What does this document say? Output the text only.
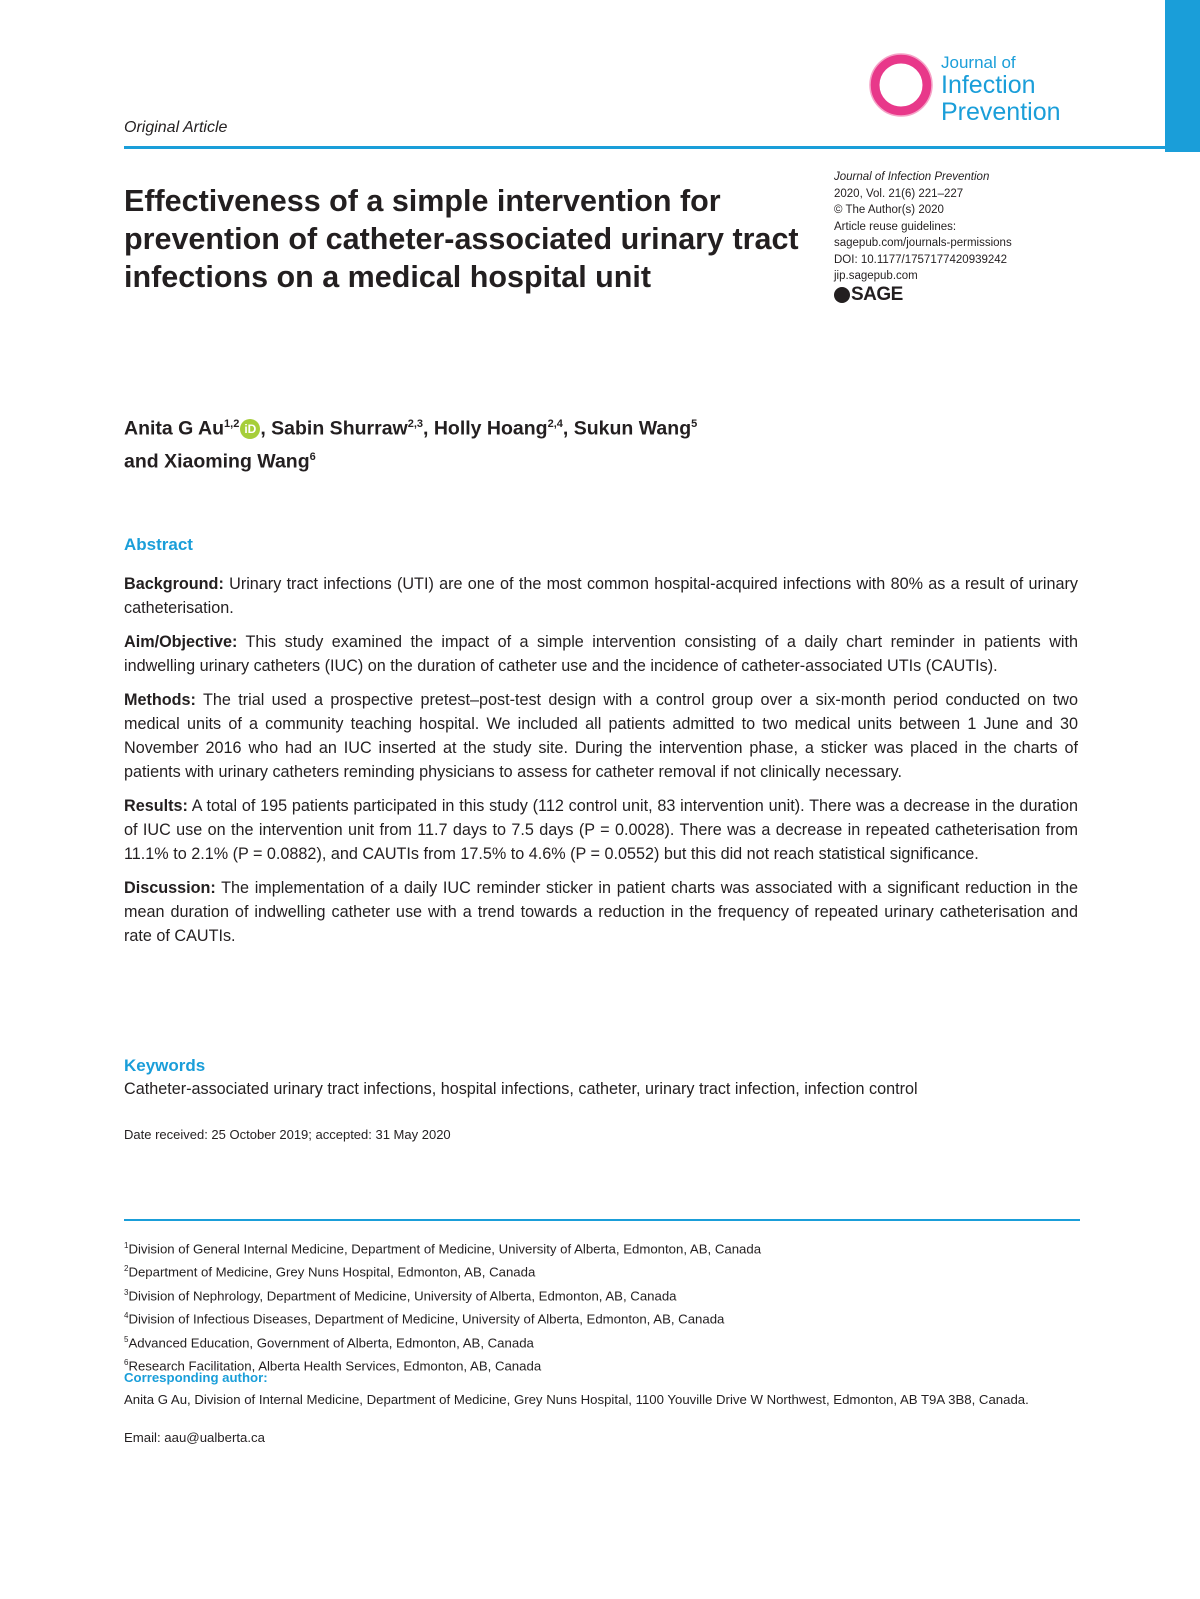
Journal of
Infection
Prevention
Original Article
Effectiveness of a simple intervention for prevention of catheter-associated urinary tract infections on a medical hospital unit
Journal of Infection Prevention
2020, Vol. 21(6) 221–227
© The Author(s) 2020
Article reuse guidelines:
sagepub.com/journals-permissions
DOI: 10.1177/1757177420939242
jip.sagepub.com
SAGE
Anita G Au$^{1,2}$ iD , Sabin Shurraw$^{2,3}$, Holly Hoang$^{2,4}$, Sukun Wang$^5$
and Xiaoming Wang$^6$
Abstract

Background: Urinary tract infections (UTI) are one of the most common hospital-acquired infections with 80% as a result of urinary catheterisation.

Aim/Objective: This study examined the impact of a simple intervention consisting of a daily chart reminder in patients with indwelling urinary catheters (IUC) on the duration of catheter use and the incidence of catheter-associated UTIs (CAUTIs).

Methods: The trial used a prospective pretest–post-test design with a control group over a six-month period conducted on two medical units of a community teaching hospital. We included all patients admitted to two medical units between 1 June and 30 November 2016 who had an IUC inserted at the study site. During the intervention phase, a sticker was placed in the charts of patients with urinary catheters reminding physicians to assess for catheter removal if not clinically necessary.

Results: A total of 195 patients participated in this study (112 control unit, 83 intervention unit). There was a decrease in the duration of IUC use on the intervention unit from 11.7 days to 7.5 days (P = 0.0028). There was a decrease in repeated catheterisation from 11.1% to 2.1% (P = 0.0882), and CAUTIs from 17.5% to 4.6% (P = 0.0552) but this did not reach statistical significance.

Discussion: The implementation of a daily IUC reminder sticker in patient charts was associated with a significant reduction in the mean duration of indwelling catheter use with a trend towards a reduction in the frequency of repeated urinary catheterisation and rate of CAUTIs.

Keywords
Catheter-associated urinary tract infections, hospital infections, catheter, urinary tract infection, infection control
Date received: 25 October 2019; accepted: 31 May 2020
$^1$Division of General Internal Medicine, Department of Medicine, University of Alberta, Edmonton, AB, Canada
$^2$Department of Medicine, Grey Nuns Hospital, Edmonton, AB, Canada
$^3$Division of Nephrology, Department of Medicine, University of Alberta, Edmonton, AB, Canada
$^4$Division of Infectious Diseases, Department of Medicine, University of Alberta, Edmonton, AB, Canada
$^5$Advanced Education, Government of Alberta, Edmonton, AB, Canada
$^6$Research Facilitation, Alberta Health Services, Edmonton, AB, Canada
Corresponding author:
Anita G Au, Division of Internal Medicine, Department of Medicine, Grey Nuns Hospital, 1100 Youville Drive W Northwest, Edmonton, AB T9A 3B8, Canada.
Email: aau@ualberta.ca
